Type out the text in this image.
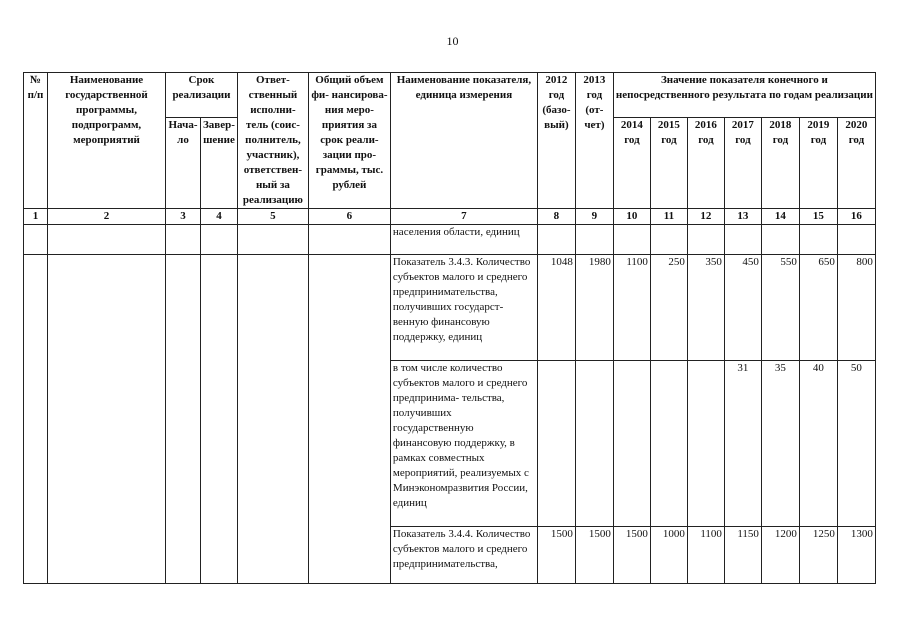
10
№ п/п	Наименование государственной программы, подпрограмм, мероприятий	Срок реализации		Ответ- ственный исполни- тель (соис- полнитель, участник), ответствен- ный за реализацию	Общий объем фи- нансирова- ния меро- приятия за срок реали- зации про- граммы, тыс. рублей	Наименование показателя, единица измерения	2012 год (базо- вый)	2013 год (от- чет)	Значение показателя конечного и непосредственного результата по годам реализации						
		Нача- ло	Завер- шение						2014 год	2015 год	2016 год	2017 год	2018 год	2019 год	2020 год
1	2	3	4	5	6	7	8	9	10	11	12	13	14	15	16
						населения области, единиц									
						Показатель 3.4.3. Количество субъектов малого и среднего предпринимательства, получивших государст- венную финансовую поддержку, единиц	1048	1980	1100	250	350	450	550	650	800
						в том числе количество субъектов малого и среднего предпринима- тельства, получивших государственную финансовую поддержку, в рамках совместных мероприятий, реализуемых с Минэкономразвития России, единиц						31	35	40	50
						Показатель 3.4.4. Количество субъектов малого и среднего предпринимательства,	1500	1500	1500	1000	1100	1150	1200	1250	1300
